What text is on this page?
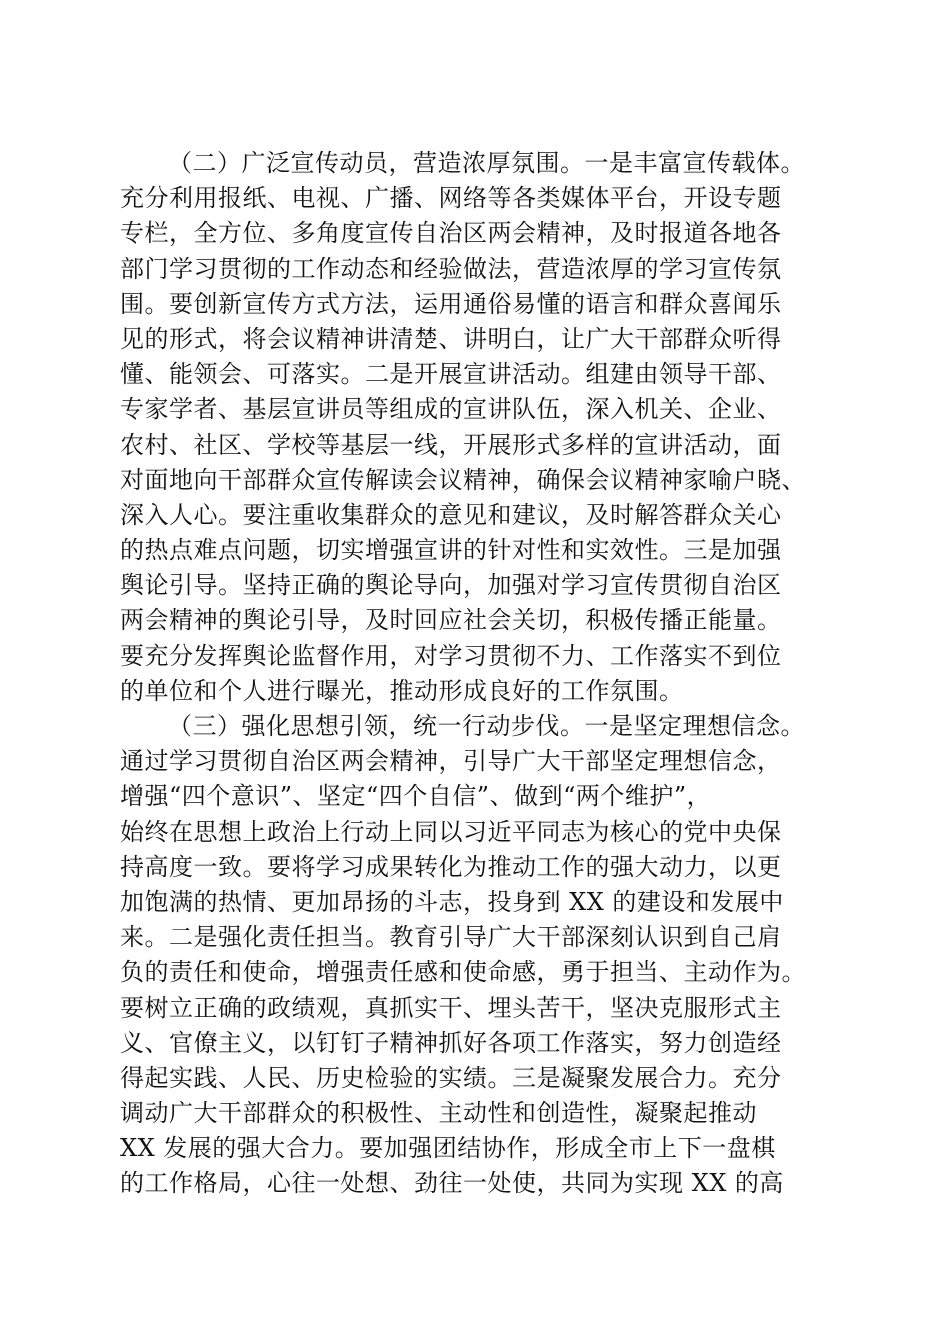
（二）广泛宣传动员，营造浓厚氛围。一是丰富宣传载体。
充分利用报纸、电视、广播、网络等各类媒体平台，开设专题
专栏，全方位、多角度宣传自治区两会精神，及时报道各地各
部门学习贯彻的工作动态和经验做法，营造浓厚的学习宣传氛
围。要创新宣传方式方法，运用通俗易懂的语言和群众喜闻乐
见的形式，将会议精神讲清楚、讲明白，让广大干部群众听得
懂、能领会、可落实。二是开展宣讲活动。组建由领导干部、
专家学者、基层宣讲员等组成的宣讲队伍，深入机关、企业、
农村、社区、学校等基层一线，开展形式多样的宣讲活动，面
对面地向干部群众宣传解读会议精神，确保会议精神家喻户晓、
深入人心。要注重收集群众的意见和建议，及时解答群众关心
的热点难点问题，切实增强宣讲的针对性和实效性。三是加强
舆论引导。坚持正确的舆论导向，加强对学习宣传贯彻自治区
两会精神的舆论引导，及时回应社会关切，积极传播正能量。
要充分发挥舆论监督作用，对学习贯彻不力、工作落实不到位
的单位和个人进行曝光，推动形成良好的工作氛围。
（三）强化思想引领，统一行动步伐。一是坚定理想信念。
通过学习贯彻自治区两会精神，引导广大干部坚定理想信念，
增强“四个意识”、坚定“四个自信”、做到“两个维护”，
始终在思想上政治上行动上同以习近平同志为核心的党中央保
持高度一致。要将学习成果转化为推动工作的强大动力，以更
加饱满的热情、更加昂扬的斗志，投身到 XX 的建设和发展中
来。二是强化责任担当。教育引导广大干部深刻认识到自己肩
负的责任和使命，增强责任感和使命感，勇于担当、主动作为。
要树立正确的政绩观，真抓实干、埋头苦干，坚决克服形式主
义、官僚主义，以钉钉子精神抓好各项工作落实，努力创造经
得起实践、人民、历史检验的实绩。三是凝聚发展合力。充分
调动广大干部群众的积极性、主动性和创造性，凝聚起推动
XX 发展的强大合力。要加强团结协作，形成全市上下一盘棋
的工作格局，心往一处想、劲往一处使，共同为实现 XX 的高
